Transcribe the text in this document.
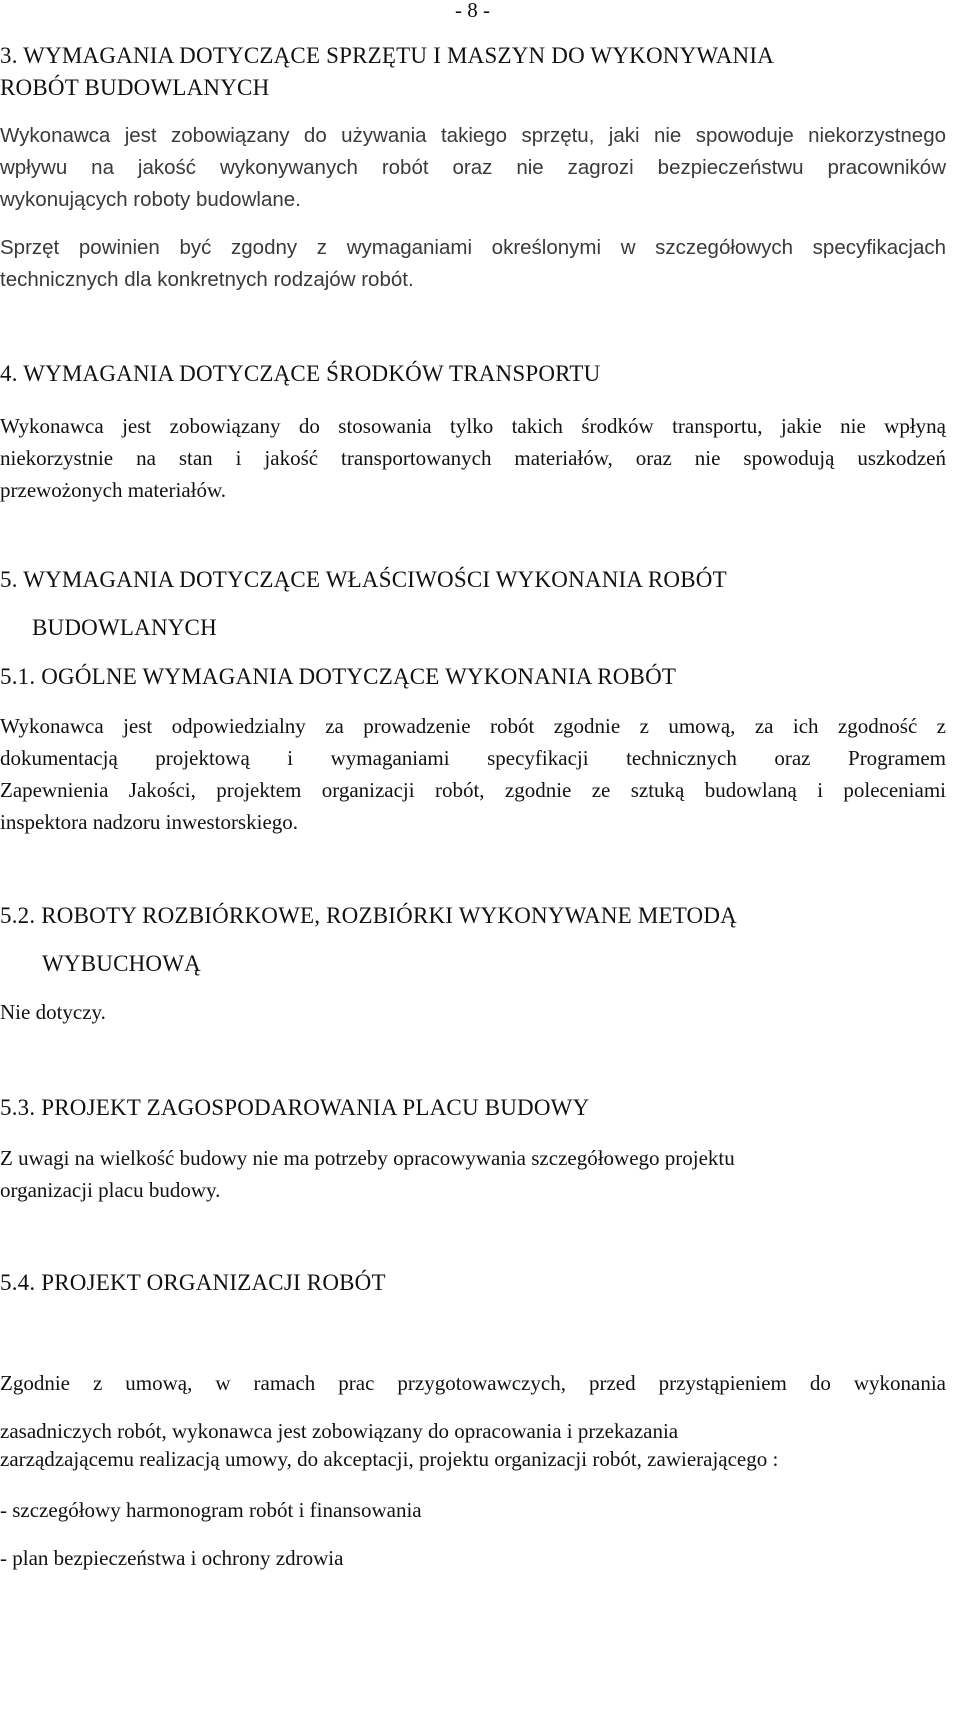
- 8 -
3. WYMAGANIA DOTYCZĄCE SPRZĘTU I MASZYN DO WYKONYWANIA
ROBÓT BUDOWLANYCH
Wykonawca jest zobowiązany do używania takiego sprzętu, jaki nie spowoduje niekorzystnego
wpływu na jakość wykonywanych robót oraz nie zagrozi bezpieczeństwu pracowników
wykonujących roboty budowlane.
Sprzęt powinien być zgodny z wymaganiami określonymi w szczegółowych specyfikacjach
technicznych dla konkretnych rodzajów robót.
4. WYMAGANIA DOTYCZĄCE ŚRODKÓW TRANSPORTU
Wykonawca jest zobowiązany do stosowania tylko takich środków transportu, jakie nie wpłyną
niekorzystnie na stan i jakość transportowanych materiałów, oraz nie spowodują uszkodzeń
przewożonych materiałów.
5. WYMAGANIA DOTYCZĄCE WŁAŚCIWOŚCI WYKONANIA ROBÓT
BUDOWLANYCH
5.1. OGÓLNE WYMAGANIA DOTYCZĄCE WYKONANIA ROBÓT
Wykonawca jest odpowiedzialny za prowadzenie robót zgodnie z umową, za ich zgodność z
dokumentacją projektową i wymaganiami specyfikacji technicznych oraz Programem
Zapewnienia Jakości, projektem organizacji robót, zgodnie ze sztuką budowlaną i poleceniami
inspektora nadzoru inwestorskiego.
5.2. ROBOTY ROZBIÓRKOWE, ROZBIÓRKI WYKONYWANE METODĄ
WYBUCHOWĄ
Nie dotyczy.
5.3. PROJEKT ZAGOSPODAROWANIA PLACU BUDOWY
Z uwagi na wielkość budowy nie ma potrzeby opracowywania szczegółowego projektu
organizacji placu budowy.
5.4. PROJEKT ORGANIZACJI ROBÓT
Zgodnie z umową, w ramach prac przygotowawczych, przed przystąpieniem do wykonania
zasadniczych robót, wykonawca jest zobowiązany do opracowania i przekazania
zarządzającemu realizacją umowy, do akceptacji, projektu organizacji robót, zawierającego :
- szczegółowy harmonogram robót i finansowania
- plan bezpieczeństwa i ochrony zdrowia
